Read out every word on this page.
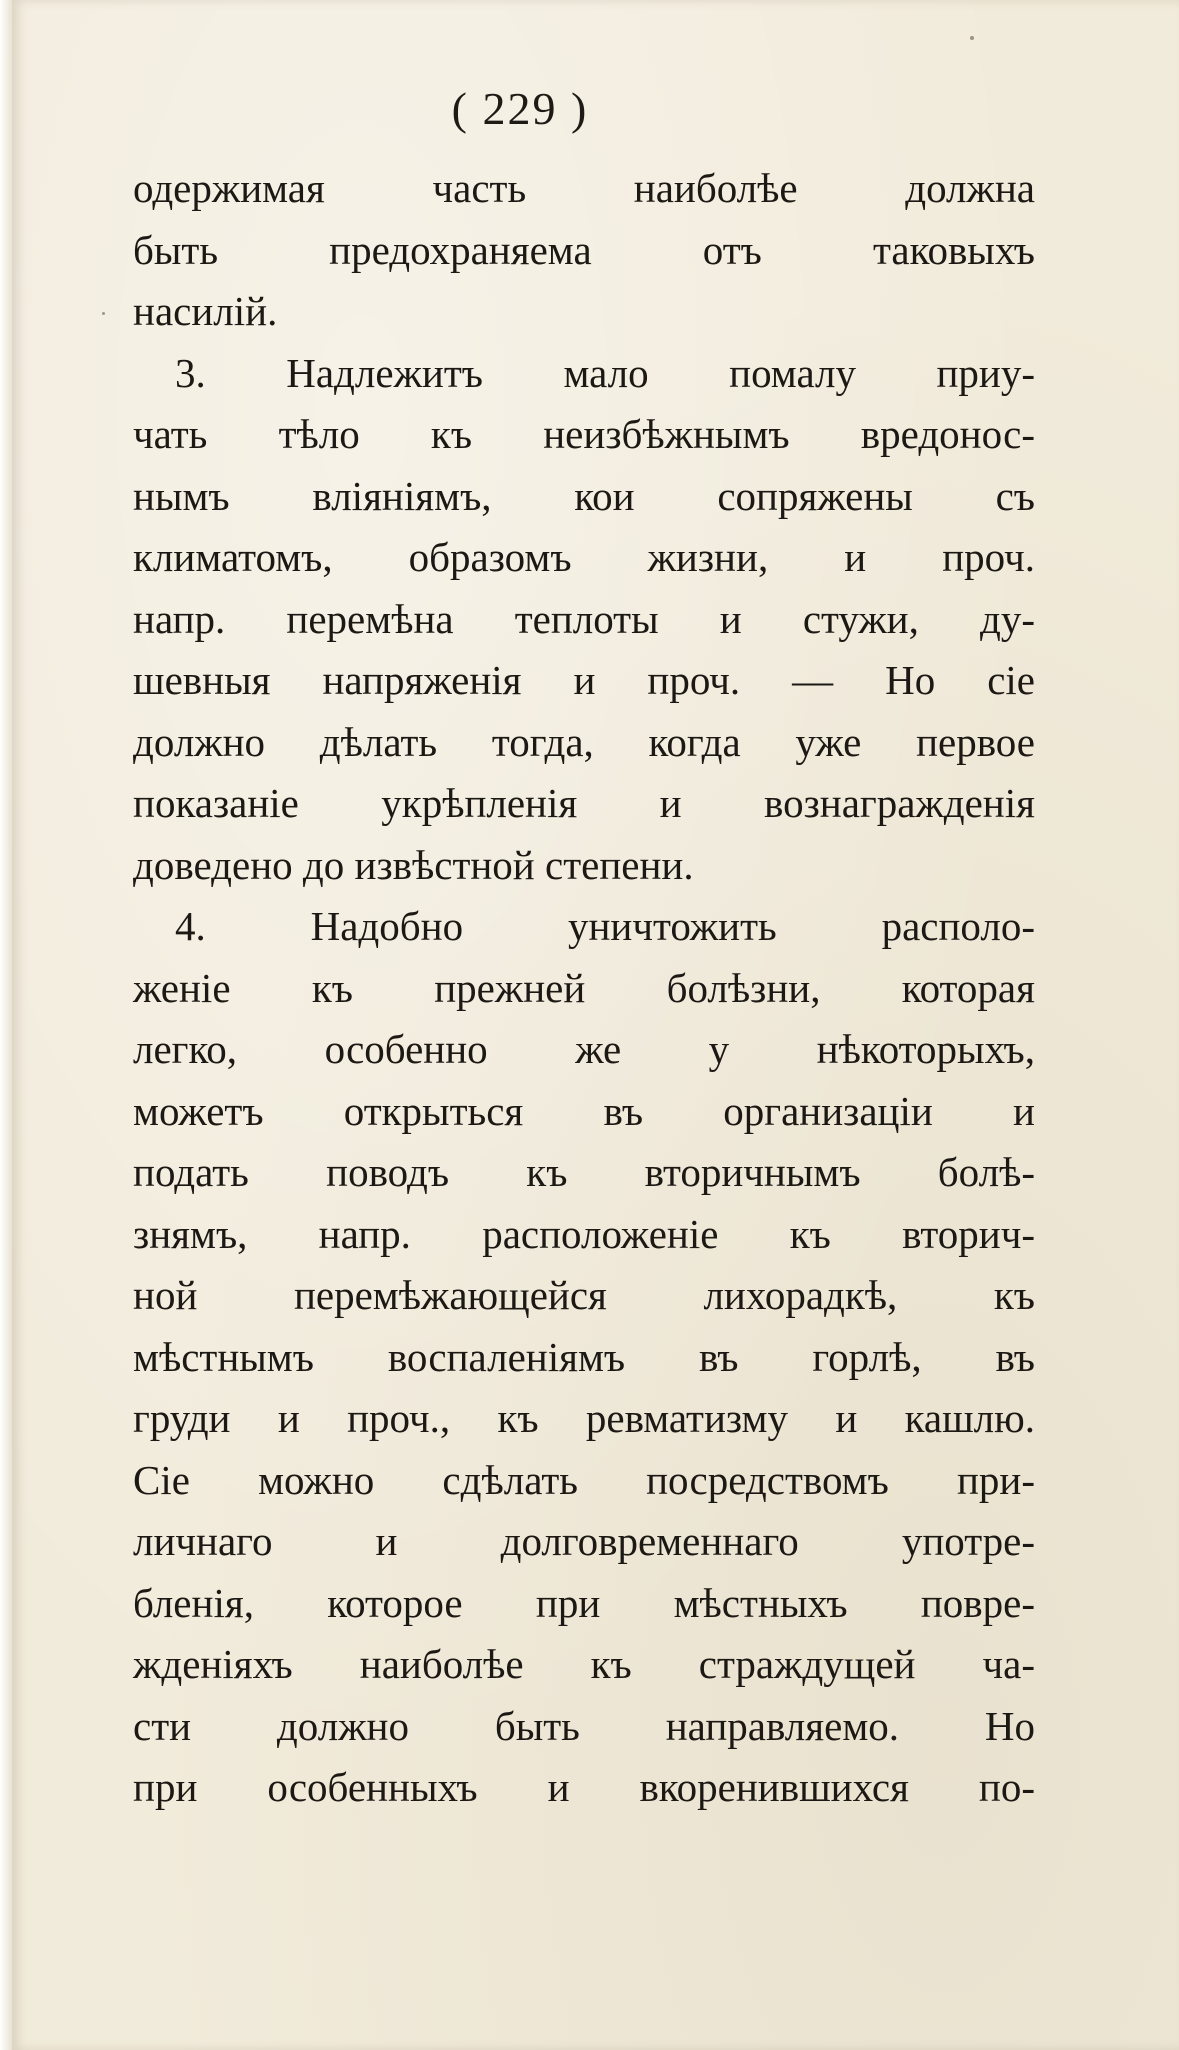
( 229 )
одержимая часть наиболѣе должна
быть предохраняема отъ таковыхъ
насилiй.
3. Надлежитъ мало помалу приу-
чать тѣло къ неизбѣжнымъ вредонос-
нымъ влiянiямъ, кои сопряжены съ
климатомъ, образомъ жизни, и проч.
напр. перемѣна теплоты и стужи, ду-
шевныя напряженiя и проч. — Но сiе
должно дѣлать тогда, когда уже первое
показанiе укрѣпленiя и вознагражденiя
доведено до извѣстной степени.
4. Надобно уничтожить располо-
женiе къ прежней болѣзни, которая
легко, особенно же у нѣкоторыхъ,
можетъ открыться въ организацiи и
подать поводъ къ вторичнымъ болѣ-
знямъ, напр. расположенiе къ вторич-
ной перемѣжающейся лихорадкѣ, къ
мѣстнымъ воспаленiямъ въ горлѣ, въ
груди и проч., къ ревматизму и кашлю.
Сiе можно сдѣлать посредствомъ при-
личнаго и долговременнаго употре-
бленiя, которое при мѣстныхъ повре-
жденiяхъ наиболѣе къ страждущей ча-
сти должно быть направляемо. Но
при особенныхъ и вкоренившихся по-
